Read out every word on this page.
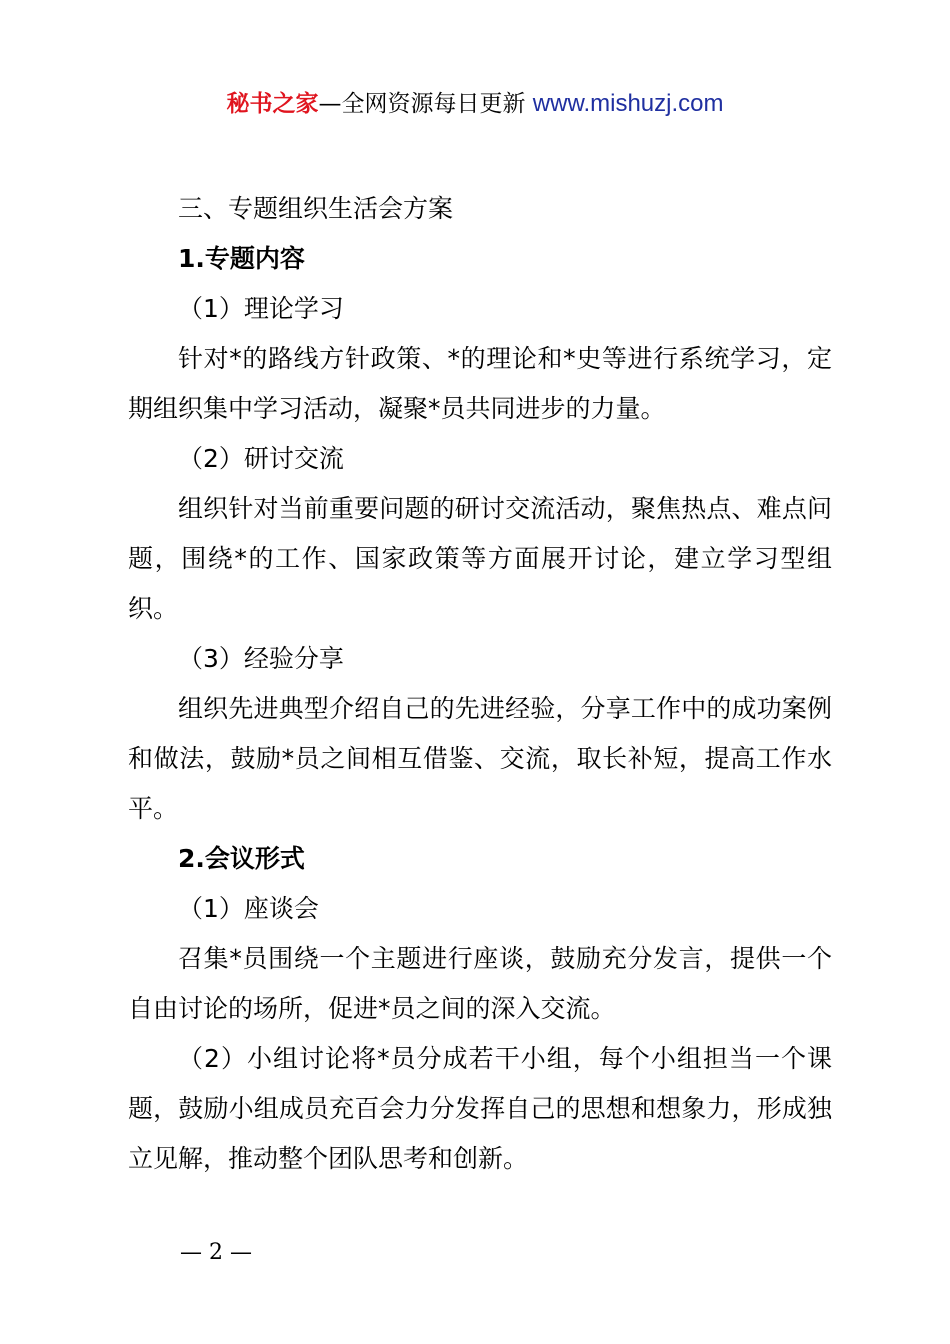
秘书之家—全网资源每日更新 www.mishuzj.com
三、专题组织生活会方案
1.专题内容
（1）理论学习

针对*的路线方针政策、*的理论和*史等进行系统学习，定期组织集中学习活动，凝聚*员共同进步的力量。

（2）研讨交流

组织针对当前重要问题的研讨交流活动，聚焦热点、难点问题，围绕*的工作、国家政策等方面展开讨论，建立学习型组织。

（3）经验分享

组织先进典型介绍自己的先进经验，分享工作中的成功案例和做法，鼓励*员之间相互借鉴、交流，取长补短，提高工作水平。

2.会议形式
（1）座谈会

召集*员围绕一个主题进行座谈，鼓励充分发言，提供一个自由讨论的场所，促进*员之间的深入交流。

（2）小组讨论将*员分成若干小组，每个小组担当一个课题，鼓励小组成员充百会力分发挥自己的思想和想象力，形成独立见解，推动整个团队思考和创新。

— 2 —
